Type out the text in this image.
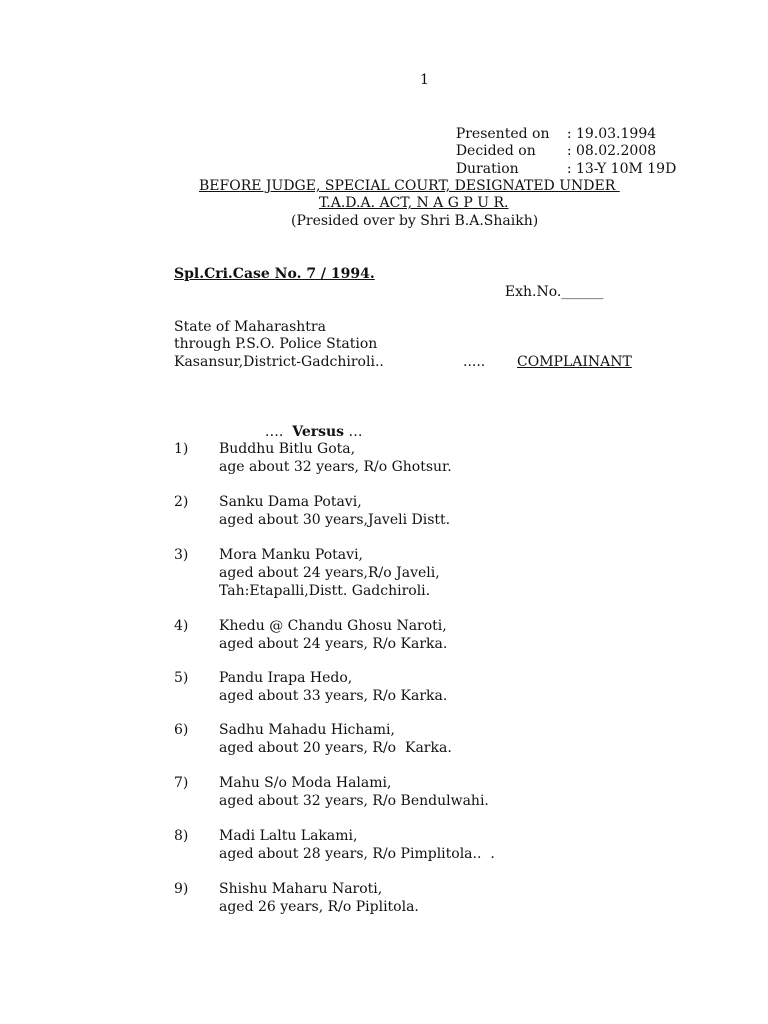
1

Presented on : 19.03.1994

Decided on : 08.02.2008

Duration	: 13-Y 10M 19D

BEFORE JUDGE, SPECIAL COURT, DESIGNATED UNDER
T.A.D.A. ACT, N A G P U R.
(Presided over by Shri B.A.Shaikh)
Spl.Cri.Case No. 7 / 1994.

Exh.No.______

State of Maharashtra
through P.S.O. Police Station
Kasansur,District-Gadchiroli..	..... COMPLAINANT

…. Versus …

1) Buddhu Bitlu Gota,
age about 32 years, R/o Ghotsur.
2) Sanku Dama Potavi,
aged about 30 years,Javeli Distt.
3) Mora Manku Potavi,
aged about 24 years,R/o Javeli,
Tah:Etapalli,Distt. Gadchiroli.
4) Khedu @ Chandu Ghosu Naroti,
aged about 24 years, R/o Karka.
5) Pandu Irapa Hedo,
aged about 33 years, R/o Karka.
6) Sadhu Mahadu Hichami,
aged about 20 years, R/o  Karka.
7) Mahu S/o Moda Halami,
aged about 32 years, R/o Bendulwahi.
8) Madi Laltu Lakami,
aged about 28 years, R/o Pimplitola..  .
9) Shishu Maharu Naroti,
aged 26 years, R/o Piplitola.
